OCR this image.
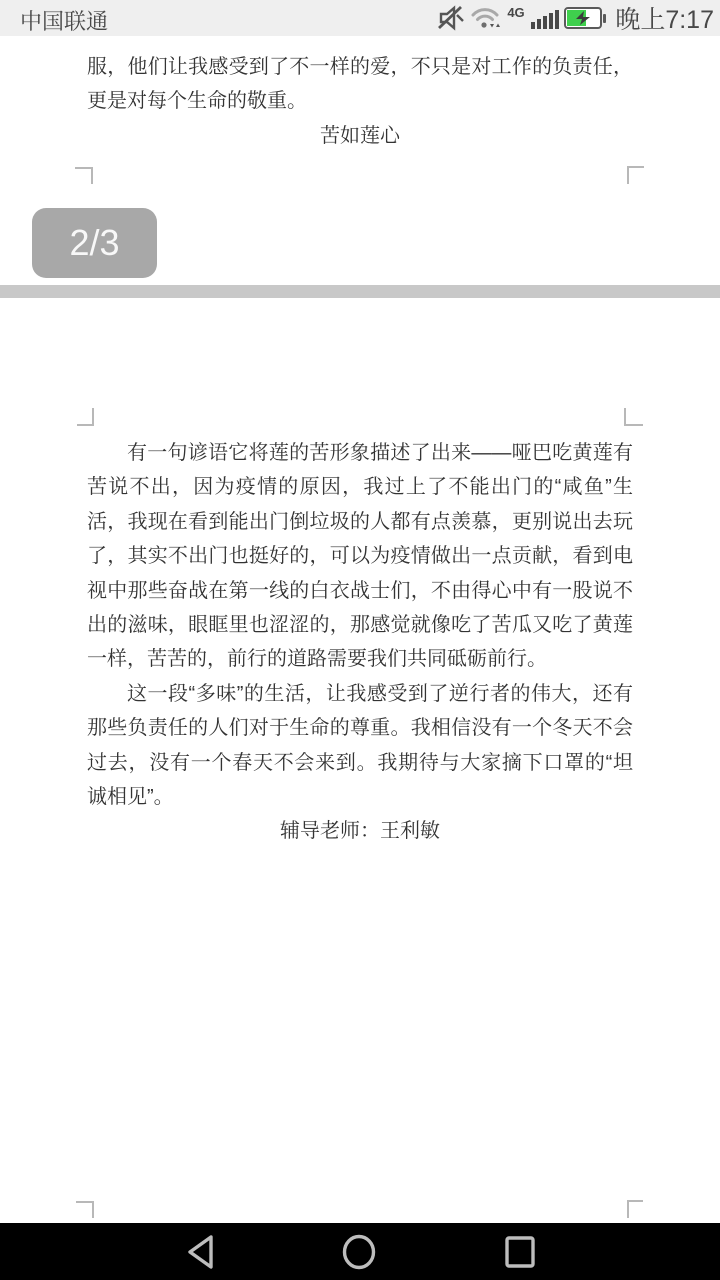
中国联通	4G	晚上7:17
服，他们让我感受到了不一样的爱，不只是对工作的负责任，
更是对每个生命的敬重。
苦如莲心
2/3

有一句谚语它将莲的苦形象描述了出来——哑巴吃黄莲有苦说不出，因为疫情的原因，我过上了不能出门的“咸鱼”生活，我现在看到能出门倒垃圾的人都有点羡慕，更别说出去玩了，其实不出门也挺好的，可以为疫情做出一点贡献，看到电视中那些奋战在第一线的白衣战士们，不由得心中有一股说不出的滋味，眼眶里也涩涩的，那感觉就像吃了苦瓜又吃了黄莲一样，苦苦的，前行的道路需要我们共同砥砺前行。

这一段“多味”的生活，让我感受到了逆行者的伟大，还有那些负责任的人们对于生命的尊重。我相信没有一个冬天不会过去，没有一个春天不会来到。我期待与大家摘下口罩的“坦诚相见”。

辅导老师：王利敏
